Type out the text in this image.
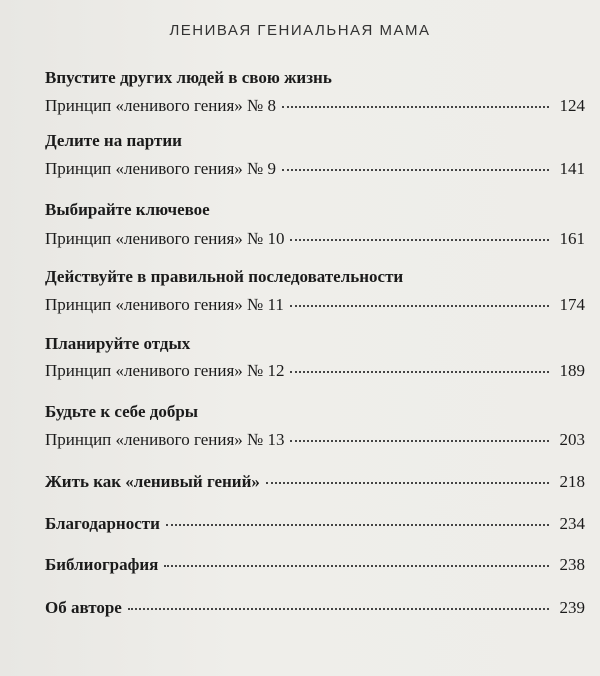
ЛЕНИВАЯ ГЕНИАЛЬНАЯ МАМА
Впустите других людей в свою жизнь
Принцип «ленивого гения» № 8	124
Делите на партии
Принцип «ленивого гения» № 9	141
Выбирайте ключевое
Принцип «ленивого гения» № 10	161
Действуйте в правильной последовательности
Принцип «ленивого гения» № 11	174
Планируйте отдых
Принцип «ленивого гения» № 12	189
Будьте к себе добры
Принцип «ленивого гения» № 13	203
Жить как «ленивый гений»	218
Благодарности	234
Библиография	238
Об авторе	239
